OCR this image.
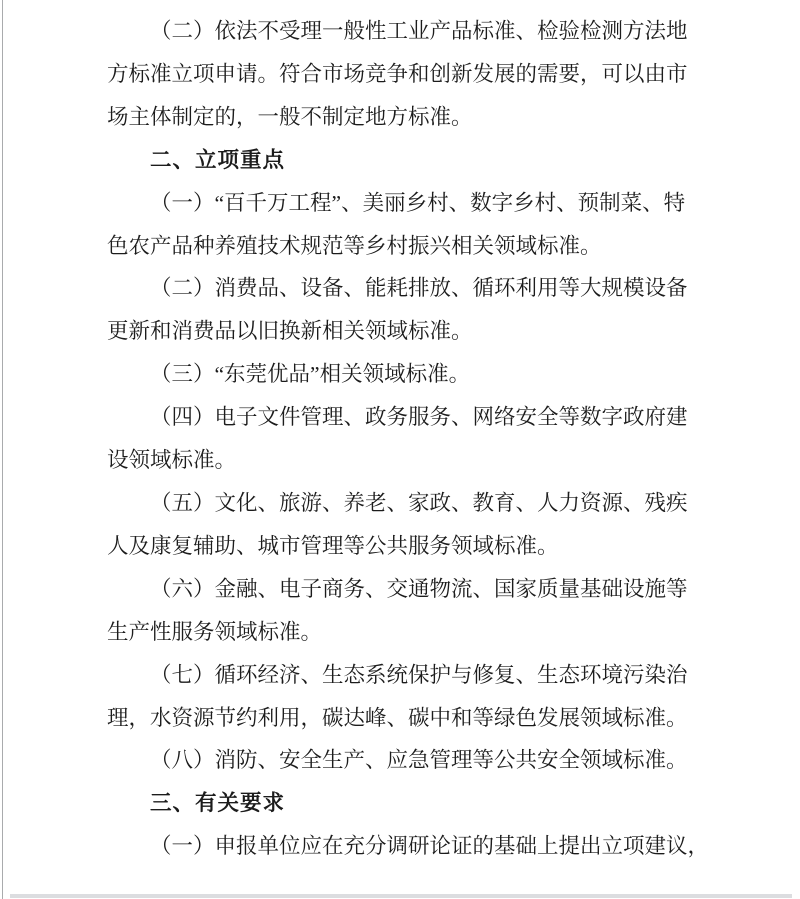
（二）依法不受理一般性工业产品标准、检验检测方法地
方标准立项申请。符合市场竞争和创新发展的需要，可以由市
场主体制定的，一般不制定地方标准。
二、立项重点
（一）“百千万工程”、美丽乡村、数字乡村、预制菜、特
色农产品种养殖技术规范等乡村振兴相关领域标准。
（二）消费品、设备、能耗排放、循环利用等大规模设备
更新和消费品以旧换新相关领域标准。
（三）“东莞优品”相关领域标准。
（四）电子文件管理、政务服务、网络安全等数字政府建
设领域标准。
（五）文化、旅游、养老、家政、教育、人力资源、残疾
人及康复辅助、城市管理等公共服务领域标准。
（六）金融、电子商务、交通物流、国家质量基础设施等
生产性服务领域标准。
（七）循环经济、生态系统保护与修复、生态环境污染治
理，水资源节约利用，碳达峰、碳中和等绿色发展领域标准。
（八）消防、安全生产、应急管理等公共安全领域标准。
三、有关要求
（一）申报单位应在充分调研论证的基础上提出立项建议，
